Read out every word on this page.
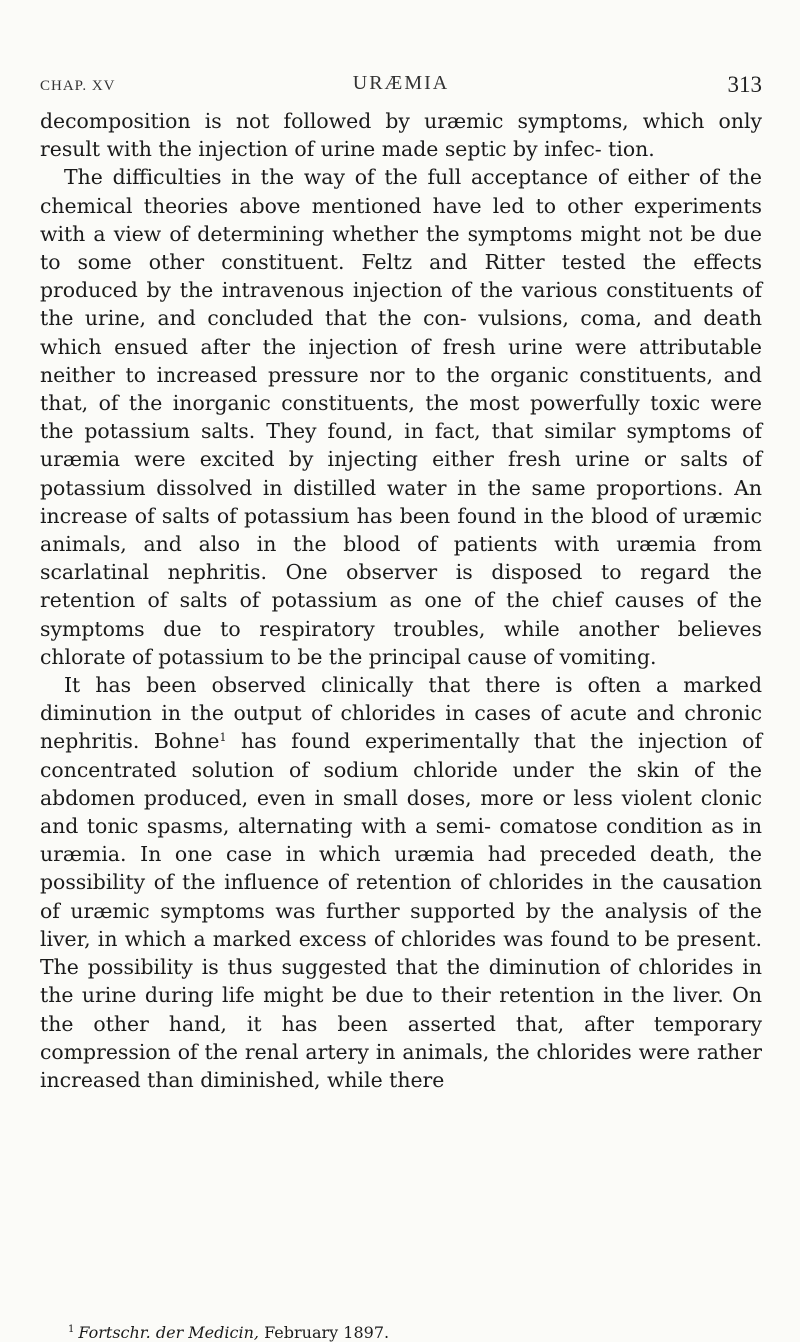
CHAP. XV	URÆMIA	313

decomposition is not followed by uræmic symptoms, which only result with the injection of urine made septic by infec- tion.

The difficulties in the way of the full acceptance of either of the chemical theories above mentioned have led to other experiments with a view of determining whether the symptoms might not be due to some other constituent. Feltz and Ritter tested the effects produced by the intravenous injection of the various constituents of the urine, and concluded that the con- vulsions, coma, and death which ensued after the injection of fresh urine were attributable neither to increased pressure nor to the organic constituents, and that, of the inorganic constituents, the most powerfully toxic were the potassium salts. They found, in fact, that similar symptoms of uræmia were excited by injecting either fresh urine or salts of potassium dissolved in distilled water in the same proportions. An increase of salts of potassium has been found in the blood of uræmic animals, and also in the blood of patients with uræmia from scarlatinal nephritis. One observer is disposed to regard the retention of salts of potassium as one of the chief causes of the symptoms due to respiratory troubles, while another believes chlorate of potassium to be the principal cause of vomiting.

It has been observed clinically that there is often a marked diminution in the output of chlorides in cases of acute and chronic nephritis. Bohne$^1$ has found experimentally that the injection of concentrated solution of sodium chloride under the skin of the abdomen produced, even in small doses, more or less violent clonic and tonic spasms, alternating with a semi- comatose condition as in uræmia. In one case in which uræmia had preceded death, the possibility of the influence of retention of chlorides in the causation of uræmic symptoms was further supported by the analysis of the liver, in which a marked excess of chlorides was found to be present. The possibility is thus suggested that the diminution of chlorides in the urine during life might be due to their retention in the liver. On the other hand, it has been asserted that, after temporary compression of the renal artery in animals, the chlorides were rather increased than diminished, while there

$^1$ Fortschr. der Medicin, February 1897.
